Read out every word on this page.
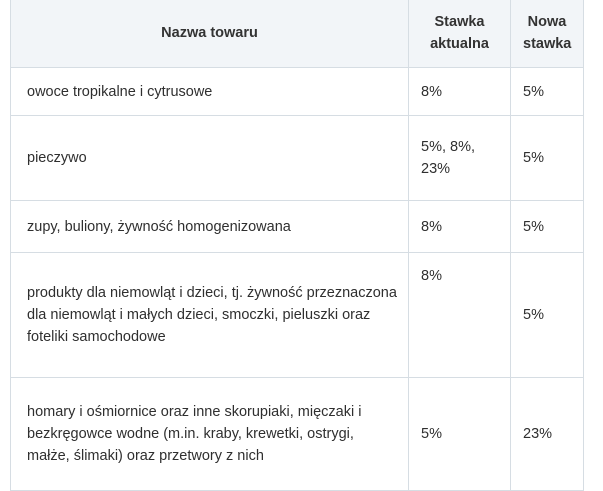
Nazwa towaru	Stawka aktualna	Nowa stawka
owoce tropikalne i cytrusowe	8%	5%
pieczywo	5%, 8%, 23%	5%
zupy, buliony, żywność homogenizowana	8%	5%
produkty dla niemowląt i dzieci, tj. żywność przeznaczona dla niemowląt i małych dzieci, smoczki, pieluszki oraz foteliki samochodowe	8%	5%
homary i ośmiornice oraz inne skorupiaki, mięczaki i bezkręgowce wodne (m.in. kraby, krewetki, ostrygi, małże, ślimaki) oraz przetwory z nich	5%	23%
